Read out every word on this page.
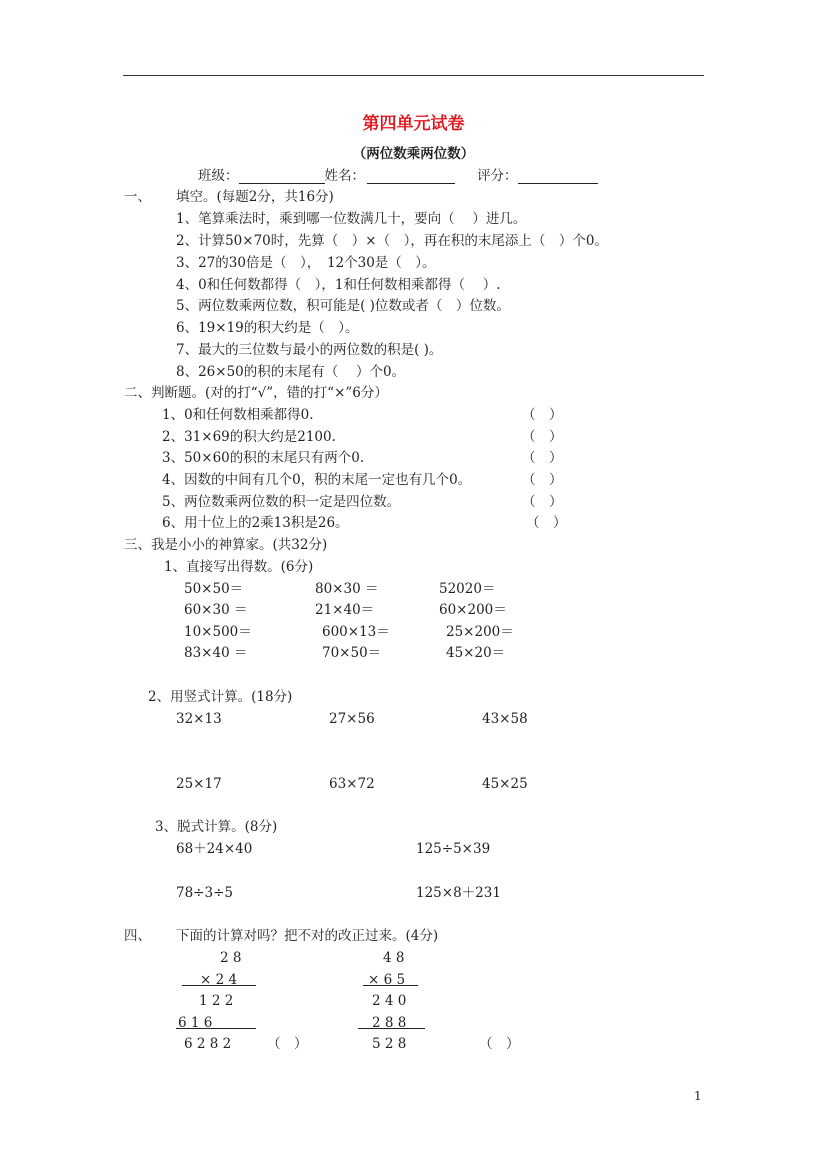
第四单元试卷
（两位数乘两位数）
班级：	姓名：	评分：
一、 填空。(每题2分，共16分)
1、笔算乘法时，乘到哪一位数满几十，要向（　 ）进几。
2、计算50×70时，先算（　）×（　），再在积的末尾添上（　）个0。
3、27的30倍是（　），　12个30是（　）。
4、0和任何数都得（　），1和任何数相乘都得（　 ）.
5、两位数乘两位数，积可能是( )位数或者（　）位数。
6、19×19的积大约是（　）。
7、最大的三位数与最小的两位数的积是( )。
8、26×50的积的末尾有（　 ）个0。
二、判断题。(对的打“√”，错的打“×”6分）
1、0和任何数相乘都得0.	（　）
2、31×69的积大约是2100.	（　）
3、50×60的积的末尾只有两个0.	（　）
4、因数的中间有几个0，积的末尾一定也有几个0。	（　）
5、两位数乘两位数的积一定是四位数。	（　）
6、用十位上的2乘13积是26。	（　）
三、我是小小的神算家。(共32分)
1、直接写出得数。(6分)
50×50＝	80×30 ＝	52020＝
60×30 ＝	21×40＝	60×200＝
10×500＝	600×13＝	25×200＝
83×40 ＝	70×50＝	45×20＝
2、用竖式计算。(18分)
32×13	27×56	43×58
25×17	63×72	45×25
3、脱式计算。(8分)
68＋24×40	125÷5×39
78÷3÷5	125×8＋231
四、 下面的计算对吗？把不对的改正过来。(4分)
2 8
× 2 4
1 2 2
6 1 6
6 2 8 2	（　）
4 8
× 6 5
2 4 0
2 8 8
5 2 8	（　）
1
